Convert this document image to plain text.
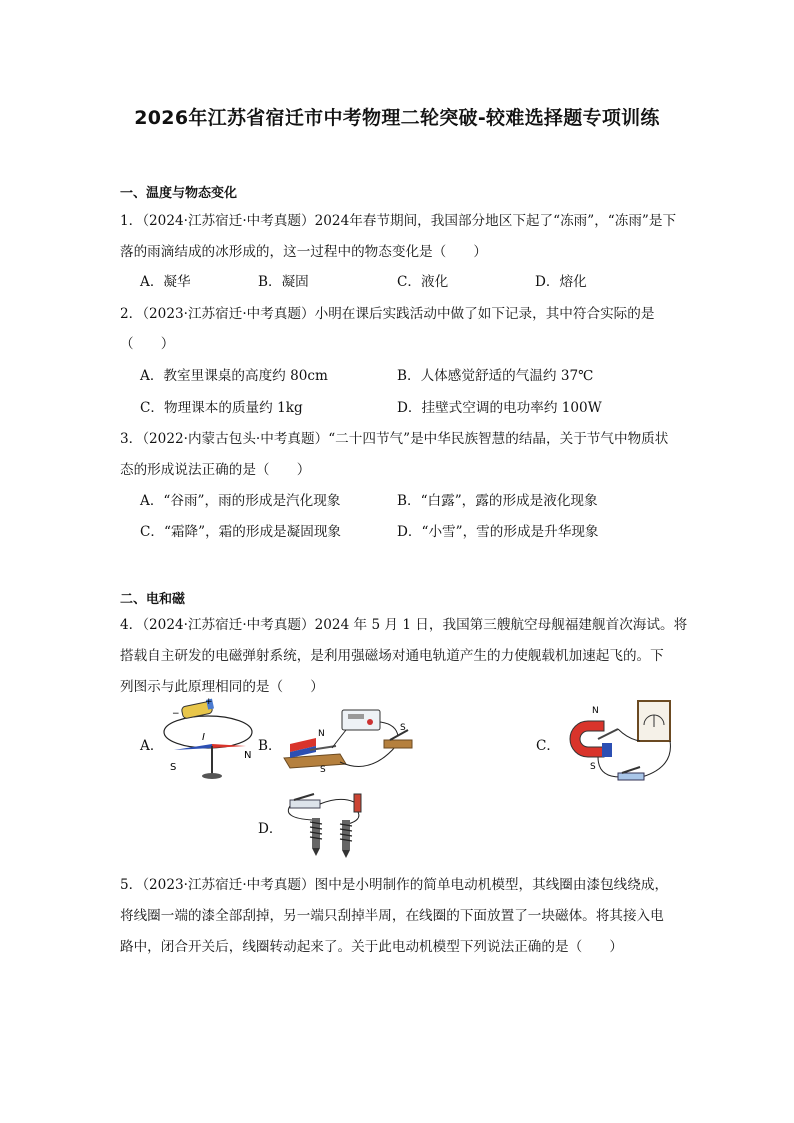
2026年江苏省宿迁市中考物理二轮突破-较难选择题专项训练
一、温度与物态变化
1．（2024·江苏宿迁·中考真题）2024年春节期间，我国部分地区下起了“冻雨”，“冻雨”是下
落的雨滴结成的冰形成的，这一过程中的物态变化是（　　）
A．凝华	B．凝固	C．液化	D．熔化
2．（2023·江苏宿迁·中考真题）小明在课后实践活动中做了如下记录，其中符合实际的是
（　　）
A．教室里课桌的高度约 80cm	B．人体感觉舒适的气温约 37℃
C．物理课本的质量约 1kg	D．挂壁式空调的电功率约 100W
3．（2022·内蒙古包头·中考真题）“二十四节气”是中华民族智慧的结晶，关于节气中物质状
态的形成说法正确的是（　　）
A．“谷雨”，雨的形成是汽化现象	B．“白露”，露的形成是液化现象
C．“霜降”，霜的形成是凝固现象	D．“小雪”，雪的形成是升华现象
二、电和磁
4．（2024·江苏宿迁·中考真题）2024 年 5 月 1 日，我国第三艘航空母舰福建舰首次海试。将
搭载自主研发的电磁弹射系统，是利用强磁场对通电轨道产生的力使舰载机加速起飞的。下
列图示与此原理相同的是（　　）
A．	B．	C．
D．
−
+
I
S
N
N
S
S
N
S
5．（2023·江苏宿迁·中考真题）图中是小明制作的简单电动机模型，其线圈由漆包线绕成，
将线圈一端的漆全部刮掉，另一端只刮掉半周，在线圈的下面放置了一块磁体。将其接入电
路中，闭合开关后，线圈转动起来了。关于此电动机模型下列说法正确的是（　　）
